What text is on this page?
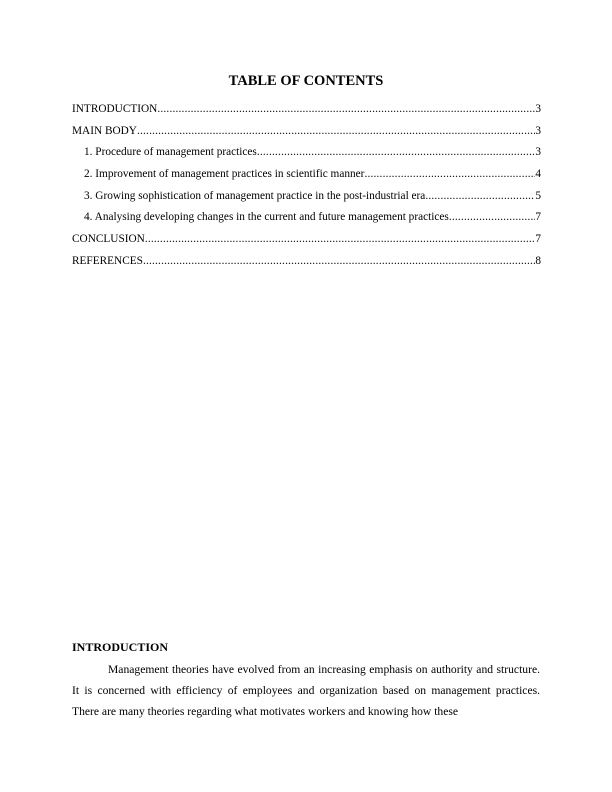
TABLE OF CONTENTS
INTRODUCTION .....	3
MAIN BODY .....	3
1. Procedure of management practices .....	3
2. Improvement of management practices in scientific manner .....	4
3. Growing sophistication of management practice in the post-industrial era .....	5
4. Analysing developing changes in the current and future management practices .....	7
CONCLUSION .....	7
REFERENCES .....	8
INTRODUCTION

Management theories have evolved from an increasing emphasis on authority and structure. It is concerned with efficiency of employees and organization based on management practices. There are many theories regarding what motivates workers and knowing how these
